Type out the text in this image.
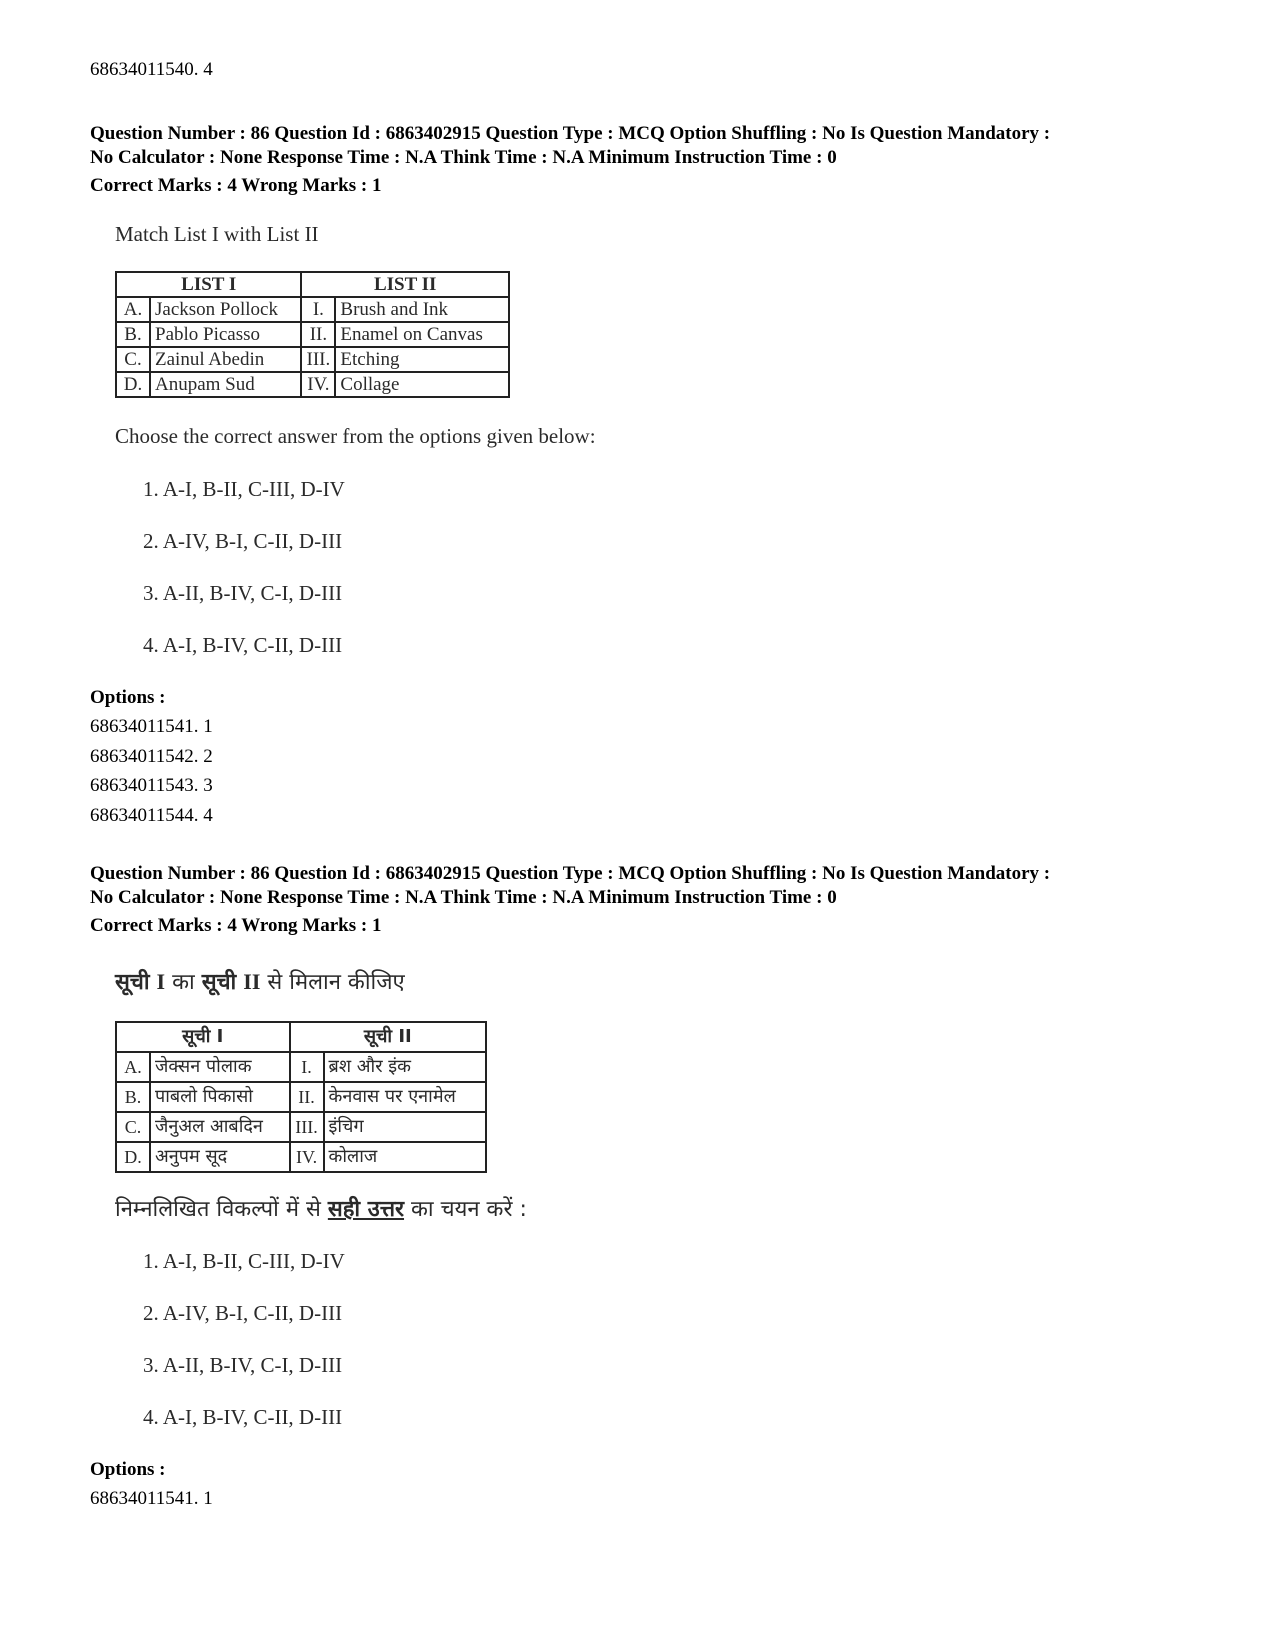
68634011540. 4
Question Number : 86 Question Id : 6863402915 Question Type : MCQ Option Shuffling : No Is Question Mandatory :
No Calculator : None Response Time : N.A Think Time : N.A Minimum Instruction Time : 0
Correct Marks : 4 Wrong Marks : 1
Match List I with List II
LIST I		LIST II	
A.	Jackson Pollock	I.	Brush and Ink
B.	Pablo Picasso	II.	Enamel on Canvas
C.	Zainul Abedin	III.	Etching
D.	Anupam Sud	IV.	Collage
Choose the correct answer from the options given below:
1. A-I, B-II, C-III, D-IV
2. A-IV, B-I, C-II, D-III
3. A-II, B-IV, C-I, D-III
4. A-I, B-IV, C-II, D-III
Options :
68634011541. 1
68634011542. 2
68634011543. 3
68634011544. 4
Question Number : 86 Question Id : 6863402915 Question Type : MCQ Option Shuffling : No Is Question Mandatory :
No Calculator : None Response Time : N.A Think Time : N.A Minimum Instruction Time : 0
Correct Marks : 4 Wrong Marks : 1
सूची I का सूची II से मिलान कीजिए
सूची I		सूची II	
A.	जेक्सन पोलाक	I.	ब्रश और इंक
B.	पाबलो पिकासो	II.	केनवास पर एनामेल
C.	जैनुअल आबदिन	III.	इंचिग
D.	अनुपम सूद	IV.	कोलाज
निम्नलिखित विकल्पों में से सही उत्तर का चयन करें :
1. A-I, B-II, C-III, D-IV
2. A-IV, B-I, C-II, D-III
3. A-II, B-IV, C-I, D-III
4. A-I, B-IV, C-II, D-III
Options :
68634011541. 1
